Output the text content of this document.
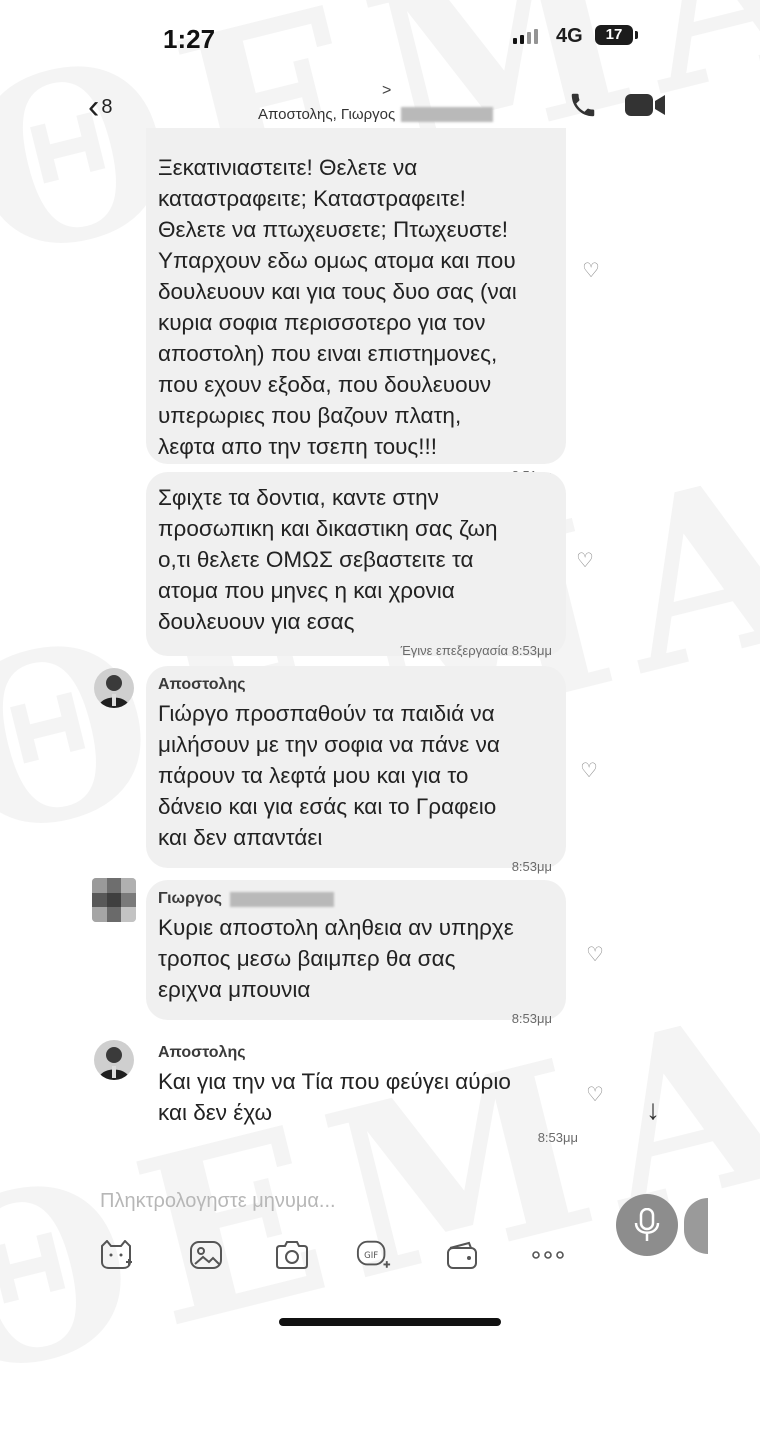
1:27	4G	17
‹ 8
>
Αποστολης, Γιωργος
Ξεκατινιαστειτε! Θελετε να
καταστραφειτε; Καταστραφειτε!
Θελετε να πτωχευσετε; Πτωχευστε!
Υπαρχουν εδω ομως ατομα και που
δουλευουν και για τους δυο σας (ναι
κυρια σοφια περισσοτερο για τον
αποστολη) που ειναι επιστημονες,
που εχουν εξοδα, που δουλευουν
υπερωριες που βαζουν πλατη,
λεφτα απο την τσεπη τους!!!
♡
Σφιχτε τα δοντια, καντε στην
προσωπικη και δικαστικη σας ζωη
ο,τι θελετε ΟΜΩΣ σεβαστειτε τα
ατομα που μηνες η και χρονια
δουλευουν για εσας
Έγινε επεξεργασία 8:53μμ
♡
Αποστολης
Γιώργο προσπαθούν τα παιδιά να
μιλήσουν με την σοφια να πάνε να
πάρουν τα λεφτά μου και για το
δάνειο και για εσάς και το Γραφειο
και δεν απαντάει
8:53μμ
♡
Γιωργος
Κυριε αποστολη αληθεια αν υπηρχε
τροπος μεσω βαιμπερ θα σας
εριχνα μπουνια
8:53μμ
♡
Αποστολης
Και για την να Τία που φεύγει αύριο
και δεν έχω
8:53μμ
♡ ↓
Πληκτρολογηστε μηνυμα...
GIF
